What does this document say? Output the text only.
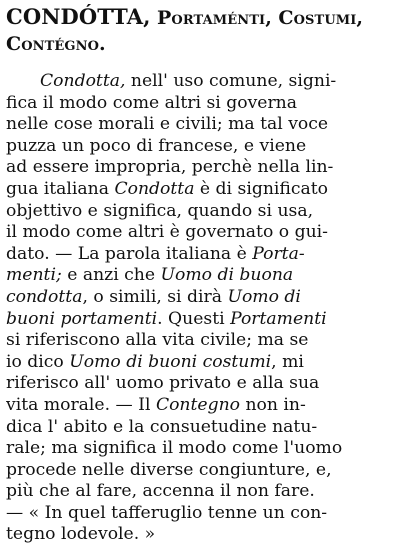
CONDÓTTA, Portaménti, Costumi,
Contégno.
Condotta, nell' uso comune, signi-
fica il modo come altri si governa
nelle cose morali e civili; ma tal voce
puzza un poco di francese, e viene
ad essere impropria, perchè nella lin-
gua italiana Condotta è di significato
objettivo e significa, quando si usa,
il modo come altri è governato o gui-
dato. — La parola italiana è Porta-
menti; e anzi che Uomo di buona
condotta, o simili, si dirà Uomo di
buoni portamenti. Questi Portamenti
si riferiscono alla vita civile; ma se
io dico Uomo di buoni costumi, mi
riferisco all' uomo privato e alla sua
vita morale. — Il Contegno non in-
dica l' abito e la consuetudine natu-
rale; ma significa il modo come l'uomo
procede nelle diverse congiunture, e,
più che al fare, accenna il non fare.
— « In quel tafferuglio tenne un con-
tegno lodevole. »
